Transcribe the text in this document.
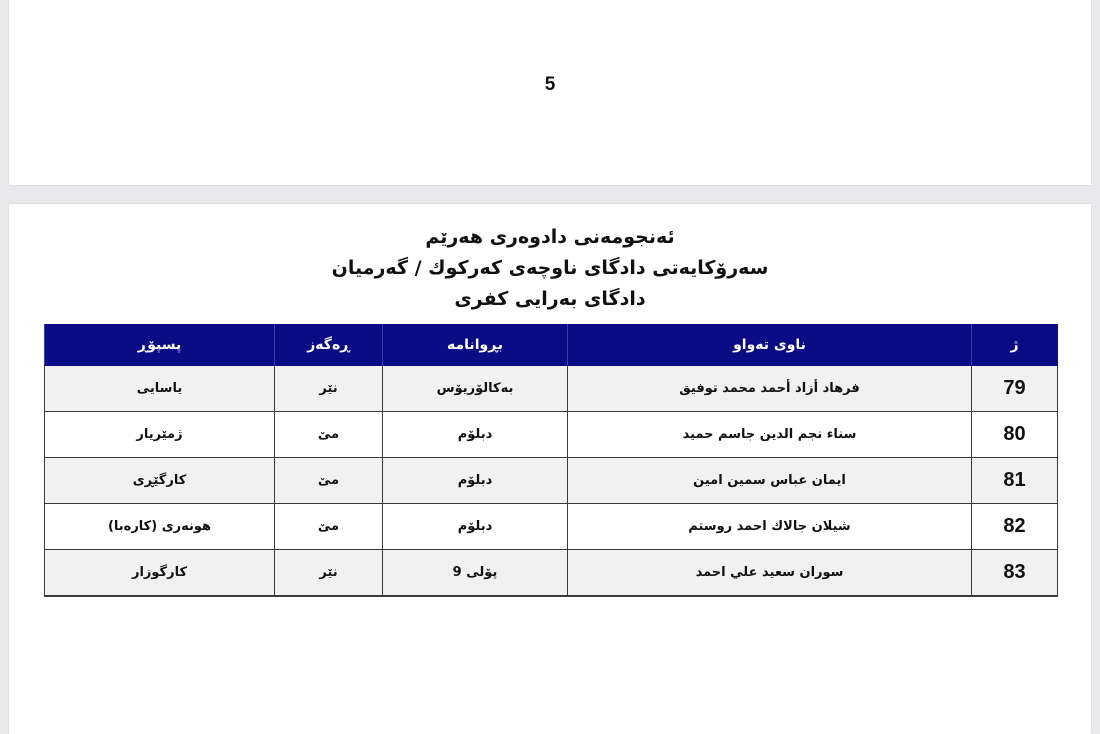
5
ئەنجومەنی دادوەری هەرێم
سەرۆکایەتی دادگای ناوچەی کەرکوك / گەرمیان
دادگای بەرایی کفری
ژ	ناوی تەواو	بڕوانامە	ڕەگەز	پسپۆڕ
79	فرهاد أزاد أحمد محمد توفيق	بەکالۆریۆس	نێر	یاسایی
80	سناء نجم الدين جاسم حميد	دبلۆم	مێ	ژمێریار
81	ايمان عباس سمين امين	دبلۆم	مێ	کارگێڕی
82	شيلان جالاك احمد روستم	دبلۆم	مێ	هونەری (کارەبا)
83	سوران سعيد علي احمد	پۆلی 9	نێر	کارگوزار
